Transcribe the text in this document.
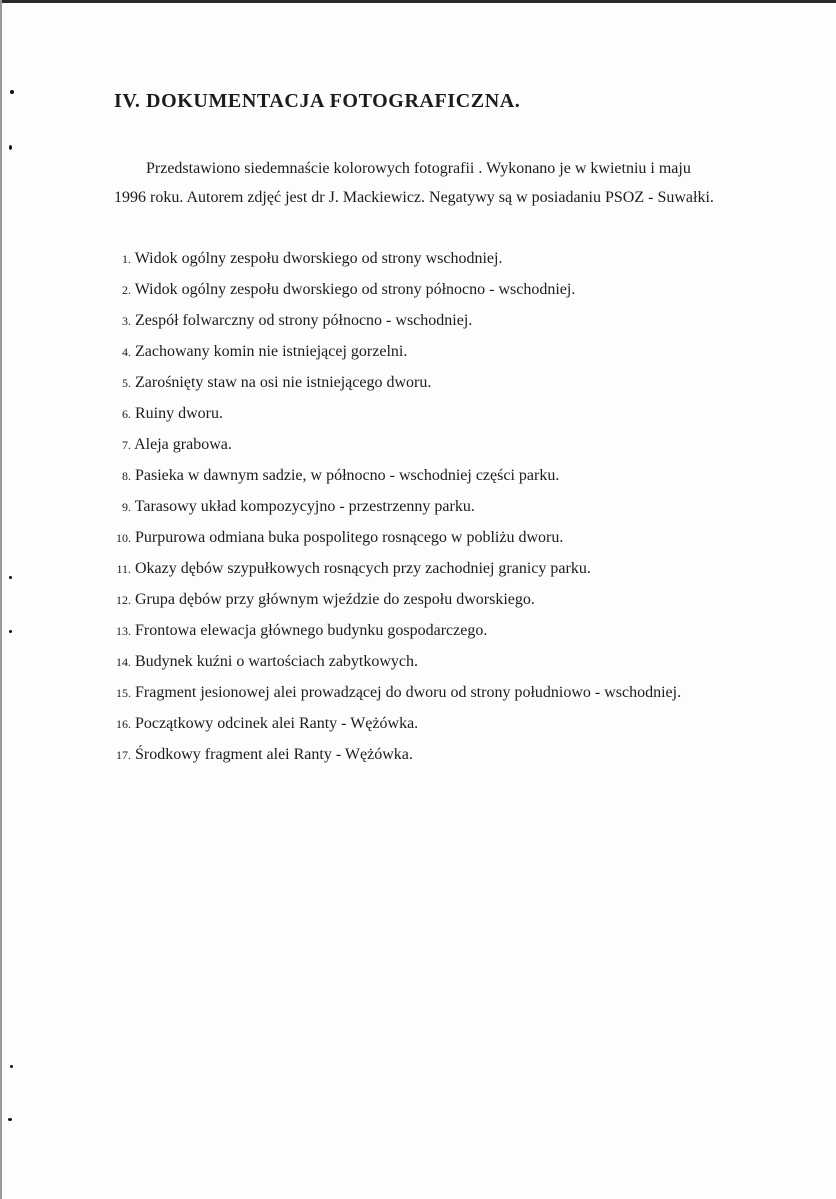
IV. DOKUMENTACJA FOTOGRAFICZNA.
Przedstawiono siedemnaście kolorowych fotografii . Wykonano je w kwietniu i maju
1996 roku. Autorem zdjęć jest dr J. Mackiewicz. Negatywy są w posiadaniu PSOZ - Suwałki.
1. Widok ogólny zespołu dworskiego od strony wschodniej.
2. Widok ogólny zespołu dworskiego od strony północno - wschodniej.
3. Zespół folwarczny od strony północno - wschodniej.
4. Zachowany komin nie istniejącej gorzelni.
5. Zarośnięty staw na osi nie istniejącego dworu.
6. Ruiny dworu.
7. Aleja grabowa.
8. Pasieka w dawnym sadzie, w północno - wschodniej części parku.
9. Tarasowy układ kompozycyjno - przestrzenny parku.
10. Purpurowa odmiana buka pospolitego rosnącego w pobliżu dworu.
11. Okazy dębów szypułkowych rosnących przy zachodniej granicy parku.
12. Grupa dębów przy głównym wjeździe do zespołu dworskiego.
13. Frontowa elewacja głównego budynku gospodarczego.
14. Budynek kuźni o wartościach zabytkowych.
15. Fragment jesionowej alei prowadzącej do dworu od strony południowo - wschodniej.
16. Początkowy odcinek alei Ranty - Wężówka.
17. Środkowy fragment alei Ranty - Wężówka.
